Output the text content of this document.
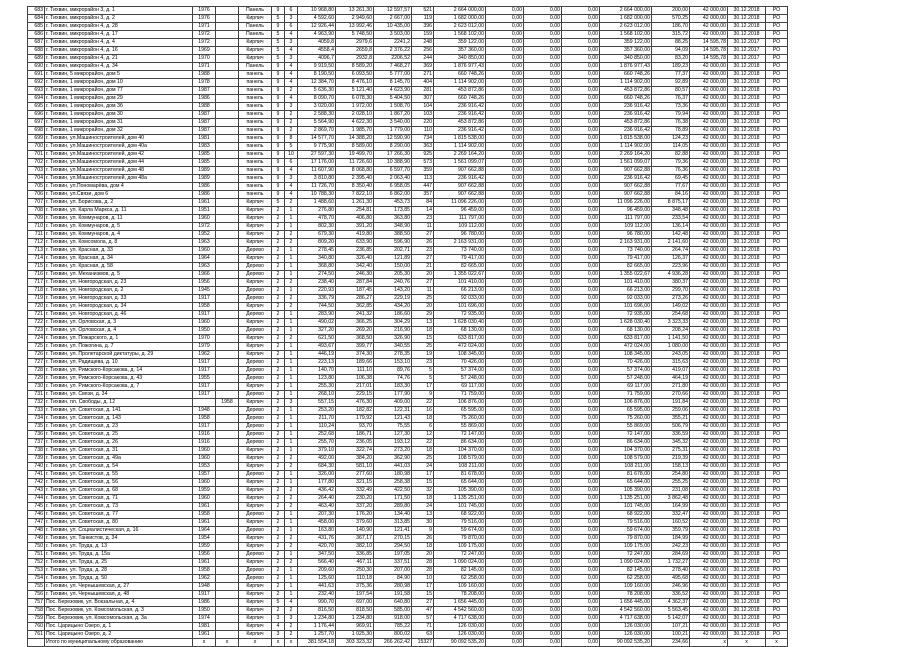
683	г. Тихвин, микрорайон 3, д. 1	1976		Панель	9	6	10 968,80	13 261,30	12 597,57	521	2 664 000,00	0,00	0,00	0,00	2 664 000,00	200,00	42 000,00	30.12.2018	РО
684	г. Тихвин, микрорайон 3, д. 2	1976		Кирпич	5	3	4 592,60	2 949,60	2 667,00	119	1 682 000,00	0,00	0,00	0,00	1 682 000,00	570,25	42 000,00	30.12.2018	РО
685	г. Тихвин, микрорайон 4, д. 28	1971		Панель	9	6	12 926,44	13 992,46	10 435,00	396	2 623 012,00	0,00	0,00	0,00	2 623 012,00	186,70	42 000,00	30.12.2018	РО
686	г. Тихвин, микрорайон 4, д. 17	1972		Панель	5	4	4 963,90	5 748,50	3 503,00	159	1 568 102,00	0,00	0,00	0,00	1 568 102,00	315,72	42 000,00	30.12.2018	РО
687	г. Тихвин, микрорайон 4, д. 4	1972		Кирпич	5	3	4059,8	2979,6	2241,2	248	359 122,00	0,00	0,00	0,00	359 122,00	88,25	14 595,78	30.12.2017	РО
688	г. Тихвин, микрорайон 4, д. 16	1969		Кирпич	5	4	4558,4	2659,8	2 376,22	256	357 360,00	0,00	0,00	0,00	357 360,00	94,09	14 595,78	30.12.2017	РО
689	г. Тихвин, микрорайон 4, д. 21	1970		Кирпич	5	3	4096,7	2932,8	2206,52	244	340 850,00	0,00	0,00	0,00	340 850,00	83,20	14 595,78	30.12.2017	РО
690	г. Тихвин, микрорайон 4, д. 34	1971		Панель	9	4	9 919,50	8 589,20	7 468,27	369	1 876 977,43	0,00	0,00	0,00	1 876 977,43	189,23	42 000,00	30.12.2018	РО
691	г. Тихвин, 5 микрорайон, дом 5	1988		панель	9	4	8 190,50	6 093,50	5 777,00	271	660 748,26	0,00	0,00	0,00	660 748,26	77,37	42 000,00	30.12.2018	РО
692	г. Тихвин, 1 микрорайон, дом 10	1978		панель	9	4	12 384,70	8 476,10	8 145,70	404	1 114 902,00	0,00	0,00	0,00	1 114 902,00	92,89	42 000,00	30.12.2018	РО
693	г. Тихвин, 1 микрорайон, дом 77	1987		панель	9	2	5 636,30	5 121,40	4 623,90	281	453 872,86	0,00	0,00	0,00	453 872,86	80,57	42 000,00	30.12.2018	РО
694	г. Тихвин, 1 микрорайон, дом 29	1986		панель	9	4	8 090,70	6 078,30	5 404,50	307	660 748,26	0,00	0,00	0,00	660 748,26	76,37	42 000,00	30.12.2018	РО
695	г. Тихвин, 1 микрорайон, дом 3б	1988		панель	9	3	3 020,00	1 972,00	1 508,70	104	236 916,42	0,00	0,00	0,00	236 916,42	73,36	42 000,00	30.12.2018	РО
696	г. Тихвин, 1 микрорайон, дом 30	1987		панель	9	2	2 588,30	2 028,10	1 867,20	103	236 916,42	0,00	0,00	0,00	236 916,42	79,94	42 000,00	30.12.2018	РО
697	г. Тихвин, 1 микрорайон, дом 31	1987		панель	9	2	5 564,90	4 622,30	3 540,00	220	453 872,86	0,00	0,00	0,00	453 872,86	76,38	42 000,00	30.12.2018	РО
698	г. Тихвин, 1 микрорайон, дом 32	1987		панель	9	2	2 869,70	1 985,70	1 779,00	110	236 916,42	0,00	0,00	0,00	236 916,42	78,89	42 000,00	30.12.2018	РО
699	г. Тихвин, ул.Машиностроителей, дом 40	1981		панель	9	8	14 577,70	14 388,20	12 590,90	734	1 815 538,00	0,00	0,00	0,00	1 815 538,00	124,23	42 000,00	30.12.2018	РО
700	г. Тихвин, ул.Машиностроителей, дом 40а	1983		панель	9	5	9 775,90	8 589,00	8 290,00	363	1 114 902,00	0,00	0,00	0,00	1 114 902,00	114,05	42 000,00	30.12.2018	РО
701	г. Тихвин, ул.Машиностроителей, дом 42	1985		панель	9	10	27 597,30	19 499,70	17 266,30	925	2 269 164,20	0,00	0,00	0,00	2 269 164,20	82,88	42 000,00	30.12.2018	РО
702	г. Тихвин, ул.Машиностроителей, дом 44	1985		панель	9	6	17 176,00	11 726,60	10 388,90	573	1 561 099,07	0,00	0,00	0,00	1 561 099,07	79,36	42 000,00	30.12.2018	РО
703	г. Тихвин, ул.Машиностроителей, дом 48	1989		панель	9	4	11 607,90	8 068,80	6 597,70	359	907 662,88	0,00	0,00	0,00	907 662,88	76,36	42 000,00	30.12.2018	РО
704	г. Тихвин, ул.Машиностроителей, дом 48а	1989		панель	9	3	3 810,80	2 395,40	2 063,40	113	236 916,42	0,00	0,00	0,00	236 916,42	69,45	42 000,00	30.12.2018	РО
705	г. Тихвин, ул.Пономарёва, дом 4	1986		панель	9	4	11 726,70	8 350,40	6 958,05	447	907 662,88	0,00	0,00	0,00	907 662,88	77,67	42 000,00	30.12.2018	РО
706	г. Тихвин, ул.Связи, дом 6	1986		панель	9	4	10 788,30	7 822,10	6 862,00	357	907 662,88	0,00	0,00	0,00	907 662,88	84,16	42 000,00	30.12.2018	РО
707	г. Тихвин, ул. Борисова, д. 2	1961		Кирпич	5	2	1 488,60	1 261,30	453,73	84	11 096 226,00	0,00	0,00	0,00	11 096 226,00	8 875,17	42 000,00	30.12.2018	РО
708	г. Тихвин, ул. Карла Маркса, д. 11	1951		Кирпич	2	1	276,80	254,81	173,85	14	96 459,00	0,00	0,00	0,00	96 459,00	348,48	42 000,00	30.12.2018	РО
709	г. Тихвин, ул. Коммунаров, д. 11	1960		Кирпич	2	1	478,70	406,80	363,80	23	111 797,00	0,00	0,00	0,00	111 797,00	233,54	42 000,00	30.12.2018	РО
710	г. Тихвин, ул. Коммунаров, д. 5	1972		Кирпич	2	1	802,30	391,20	348,90	11	109 112,00	0,00	0,00	0,00	109 112,00	136,14	42 000,00	30.12.2018	РО
711	г. Тихвин, ул. Коммунаров, д. 4	1952		Кирпич	2	2	679,30	419,80	388,50	27	96 780,00	0,00	0,00	0,00	96 780,00	142,48	42 000,00	30.12.2018	РО
712	г. Тихвин, ул. Комсомола, д. 8	1963		Кирпич	2	2	809,20	633,90	596,90	26	2 163 931,00	0,00	0,00	0,00	2 163 931,00	2 141,60	42 000,00	30.12.2018	РО
713	г. Тихвин, ул. Красная, д. 33	1960		Дерево	2	1	278,45	236,85	202,71	23	73 740,00	0,00	0,00	0,00	73 740,00	264,74	42 000,00	30.12.2018	РО
714	г. Тихвин, ул. Красная, д. 34	1964		Кирпич	2	1	340,80	326,40	121,89	27	79 417,00	0,00	0,00	0,00	79 417,00	126,37	42 000,00	30.12.2018	РО
715	г. Тихвин, ул. Красная, д. 58	1963		Дерево	2	1	368,80	342,40	150,00	21	82 665,00	0,00	0,00	0,00	82 665,00	223,96	42 000,00	30.12.2018	РО
716	г. Тихвин, ул. Механизмов, д. 5	1966		Дерево	2	1	274,50	246,30	205,30	20	1 355 022,67	0,00	0,00	0,00	1 355 022,67	4 936,28	42 000,00	30.12.2018	РО
717	г. Тихвин, ул. Новгородская, д. 23	1956		Кирпич	2	2	238,40	287,84	240,76	27	101 410,00	0,00	0,00	0,00	101 410,00	380,37	42 000,00	30.12.2018	РО
718	г. Тихвин, ул. Новгородская, д. 2	1945		Дерево	2	1	220,93	187,45	143,20	11	66 213,00	0,00	0,00	0,00	66 213,00	299,70	42 000,00	30.12.2018	РО
719	г. Тихвин, ул. Новгородская, д. 33	1917		Дерево	2	2	336,79	286,27	229,19	25	92 033,00	0,00	0,00	0,00	92 033,00	273,26	42 000,00	30.12.2018	РО
720	г. Тихвин, ул. Новгородская, д. 34	1958		Кирпич	2	2	744,50	362,85	434,20	20	101 696,00	0,00	0,00	0,00	101 696,00	149,02	42 000,00	30.12.2018	РО
721	г. Тихвин, ул. Новгородская, д. 46	1917		Дерево	2	1	283,90	241,32	186,60	29	72 935,00	0,00	0,00	0,00	72 935,00	254,68	42 000,00	30.12.2018	РО
722	г. Тихвин, ул. Орловская, д. 3	1960		Кирпич	2	1	490,02	366,25	304,29	13	1 628 030,40	0,00	0,00	0,00	1 628 030,40	3 323,33	42 000,00	30.12.2018	РО
723	г. Тихвин, ул. Орловская, д. 4	1950		Дерево	2	1	327,20	269,20	216,90	18	68 130,00	0,00	0,00	0,00	68 130,00	208,24	42 000,00	30.12.2018	РО
724	г. Тихвин, ул. Пожарского, д. 1	1970		Кирпич	2	2	621,50	368,50	326,90	15	633 817,00	0,00	0,00	0,00	633 817,00	1 141,50	42 000,00	30.12.2018	РО
725	г. Тихвин, ул. Пожогина, д. 7	1979		Кирпич	2	1	493,67	399,77	340,55	25	472 024,00	0,00	0,00	0,00	472 024,00	1 080,00	42 000,00	30.12.2018	РО
726	г. Тихвин, ул. Пролетарской диктатуры, д. 29	1962		Кирпич	2	1	446,19	374,30	278,35	19	108 345,00	0,00	0,00	0,00	108 345,00	243,05	42 000,00	30.12.2018	РО
727	г. Тихвин, ул. Радищева, д. 10	1917		Дерево	2	1	223,13	189,66	153,10	23	70 426,00	0,00	0,00	0,00	70 426,00	315,63	42 000,00	30.12.2018	РО
728	г. Тихвин, ул. Римского-Корсакова, д. 14	1917		Дерево	2	1	140,70	111,10	89,76	5	57 374,00	0,00	0,00	0,00	57 374,00	419,07	42 000,00	30.12.2018	РО
729	г. Тихвин, ул. Римского-Корсакова, д. 43	1955		Дерево	2	1	123,80	106,38	74,76	5	57 248,00	0,00	0,00	0,00	57 248,00	464,19	42 000,00	30.12.2018	РО
730	г. Тихвин, ул. Римского-Корсакова, д. 7	1917		Кирпич	2	1	255,30	217,01	183,30	17	69 117,00	0,00	0,00	0,00	69 117,00	271,80	42 000,00	30.12.2018	РО
731	г. Тихвин, ул. Связи, д. 34	1917		Дерево	2	1	268,10	229,15	177,90	9	71 759,00	0,00	0,00	0,00	71 759,00	270,66	42 000,00	30.12.2018	РО
732	г. Тихвин, пл. Свободы, д. 12		1958	Кирпич	2	3	557,15	476,30	409,00	22	106 876,00	0,00	0,00	0,00	106 876,00	191,84	42 000,00	30.12.2018	РО
733	г. Тихвин, ул. Советская, д. 141	1948		Дерево	2	1	253,20	182,82	122,31	16	65 595,00	0,00	0,00	0,00	65 595,00	259,06	42 000,00	30.12.2018	РО
734	г. Тихвин, ул. Советская, д. 143	1958		Дерево	2	1	211,70	179,92	121,43	18	75 260,00	0,00	0,00	0,00	75 260,00	355,21	42 000,00	30.12.2018	РО
735	г. Тихвин, ул. Советская, д. 23	1917		Дерево	2	1	110,24	93,70	75,55	6	55 869,00	0,00	0,00	0,00	55 869,00	506,79	42 000,00	30.12.2018	РО
736	г. Тихвин, ул. Советская, д. 25	1916		Дерево	2	1	252,68	186,71	127,30	12	72 147,00	0,00	0,00	0,00	72 147,00	336,59	42 000,00	30.12.2018	РО
737	г. Тихвин, ул. Советская, д. 26	1916		Дерево	2	1	255,70	236,05	193,12	22	86 634,00	0,00	0,00	0,00	86 634,00	345,32	42 000,00	30.12.2018	РО
738	г. Тихвин, ул. Советская, д. 31	1960		Кирпич	2	1	379,10	322,74	273,20	18	104 370,00	0,00	0,00	0,00	104 370,00	275,31	42 000,00	30.12.2018	РО
739	г. Тихвин, ул. Советская, д. 49а	1960		Кирпич	2	2	492,00	384,20	362,90	25	108 579,00	0,00	0,00	0,00	108 579,00	219,39	42 000,00	30.12.2018	РО
740	г. Тихвин, ул. Советская, д. 54	1953		Кирпич	2	2	684,30	581,10	441,03	24	108 211,00	0,00	0,00	0,00	108 211,00	158,13	42 000,00	30.12.2018	РО
741	г. Тихвин, ул. Советская, д. 55	1957		Дерево	2	1	326,00	277,60	180,98	17	81 678,00	0,00	0,00	0,00	81 678,00	254,80	42 000,00	30.12.2018	РО
742	г. Тихвин, ул. Советская, д. 56	1960		Кирпич	2	1	177,80	321,15	258,38	15	65 644,00	0,00	0,00	0,00	65 644,00	255,25	42 000,00	30.12.2018	РО
743	г. Тихвин, ул. Советская, д. 68	1959		Кирпич	2	2	436,42	332,49	422,50	32	105 390,00	0,00	0,00	0,00	105 390,00	231,08	42 000,00	30.12.2018	РО
744	г. Тихвин, ул. Советская, д. 71	1960		Кирпич	2	2	264,40	230,20	171,50	18	1 135 251,00	0,00	0,00	0,00	1 135 251,00	3 862,48	42 000,00	30.12.2018	РО
745	г. Тихвин, ул. Советская, д. 73	1961		Кирпич	2	2	463,40	337,20	289,80	24	101 745,00	0,00	0,00	0,00	101 745,00	164,99	42 000,00	30.12.2018	РО
746	г. Тихвин, ул. Советская, д. 77	1958		Дерево	2	1	207,30	176,20	134,40	13	68 922,00	0,00	0,00	0,00	68 922,00	332,47	42 000,00	30.12.2018	РО
747	г. Тихвин, ул. Советская, д. 80	1961		Кирпич	2	1	458,00	379,60	313,85	30	79 516,00	0,00	0,00	0,00	79 516,00	160,52	42 000,00	30.12.2018	РО
748	г. Тихвин, ул. Социалистическая, д. 16	1964		Дерево	2	1	163,80	140,90	121,41	9	59 674,00	0,00	0,00	0,00	59 674,00	359,79	42 000,00	30.12.2018	РО
749	г. Тихвин, ул. Танкистов, д. 34	1954		Кирпич	2	2	431,76	367,17	270,15	26	79 870,00	0,00	0,00	0,00	79 870,00	184,99	42 000,00	30.12.2018	РО
750	г. Тихвин, ул. Труда, д. 13	1959		Кирпич	2	2	420,70	382,10	294,50	18	109 175,00	0,00	0,00	0,00	109 175,00	242,23	42 000,00	30.12.2018	РО
751	г. Тихвин, ул. Труда, д. 15а	1956		Дерево	2	1	347,50	336,85	197,05	20	72 247,00	0,00	0,00	0,00	72 247,00	284,69	42 000,00	30.12.2018	РО
752	г. Тихвин, ул. Труда, д. 25	1961		Кирпич	2	2	566,40	467,11	337,51	28	1 090 024,00	0,00	0,00	0,00	1 090 024,00	1 732,27	42 000,00	30.12.2018	РО
753	г. Тихвин, ул. Труда, д. 28	1958		Дерево	2	1	209,60	250,30	207,00	28	82 145,00	0,00	0,00	0,00	82 145,00	278,40	42 000,00	30.12.2018	РО
754	г. Тихвин, ул. Труда, д. 50	1962		Дерево	2	1	125,60	110,18	84,90	10	62 258,00	0,00	0,00	0,00	62 258,00	495,68	42 000,00	30.12.2018	РО
755	г. Тихвин, ул. Чернышевская, д. 27	1948		Кирпич	2	1	441,63	375,36	280,98	17	109 160,00	0,00	0,00	0,00	109 160,00	246,96	42 000,00	30.12.2018	РО
756	г. Тихвин, ул. Чернышевская, д. 48	1917		Кирпич	2	1	232,40	197,54	191,58	15	78 208,00	0,00	0,00	0,00	78 208,00	336,52	42 000,00	30.12.2018	РО
757	Пос. Березовик, ул. Вокзальная, д. 4	1986		Кирпич	5	4	990,70	697,00	640,80	27	1 656 445,00	0,00	0,00	0,00	1 656 445,00	4 362,37	42 000,00	30.12.2018	РО
758	Пос. Березовик, ул. Комсомольская, д. 3	1950		Кирпич	2	2	816,50	818,50	585,00	47	4 542 560,00	0,00	0,00	0,00	4 542 560,00	5 563,45	42 000,00	30.12.2018	РО
759	Пос. Березовик, ул. Комсомольская, д. 3а	1974		Кирпич	3	3	1 234,80	1 234,80	918,00	57	4 717 638,00	0,00	0,00	0,00	4 717 638,00	5 142,07	42 000,00	30.12.2018	РО
760	Пос. Царицыно Озеро, д. 1	1981		Кирпич	4	2	1 176,44	969,91	785,22	71	126 030,00	0,00	0,00	0,00	126 030,00	107,21	42 000,00	30.12.2018	РО
761	Пос. Царицыно Озеро, д. 2	1961		Кирпич	3	2	1 257,70	1 025,30	800,02	63	126 030,00	0,00	0,00	0,00	126 030,00	100,21	42 000,00	30.12.2018	РО
	Итого по муниципальному образованию	x	x	x	x	x	381 554,18	303 323,32	266 262,42	15327	90 092 535,20	0,00	0,00	0,00	90 092 535,20	234,66	x	x	x
